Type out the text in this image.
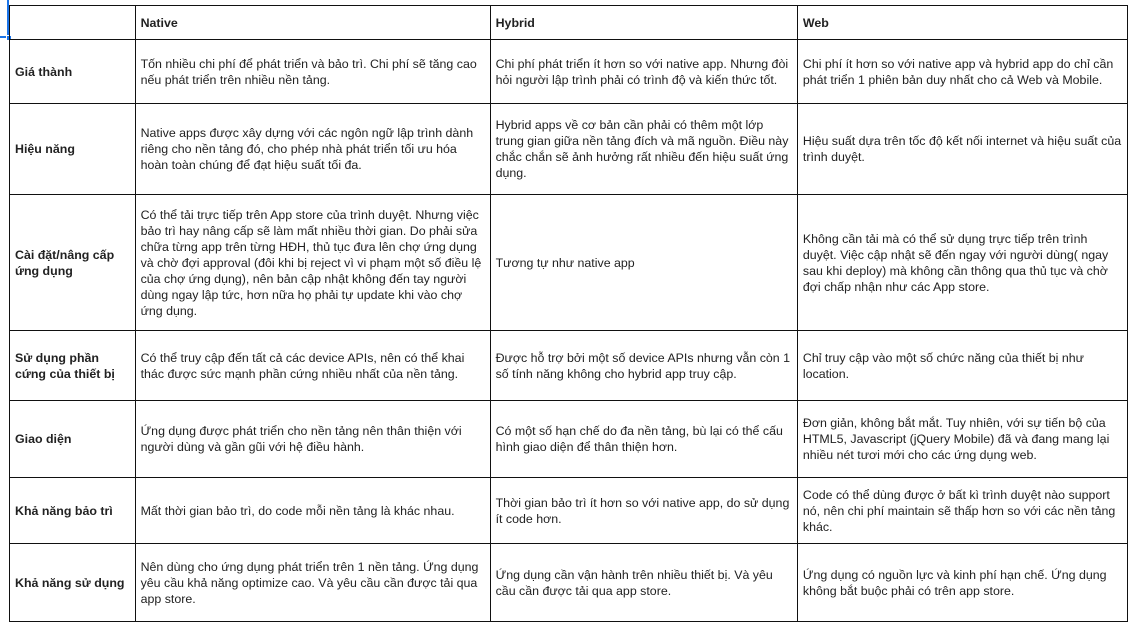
	Native	Hybrid	Web
Giá thành	Tốn nhiều chi phí để phát triển và bảo trì. Chi phí sẽ tăng cao nếu phát triển trên nhiều nền tảng.	Chi phí phát triển ít hơn so với native app. Nhưng đòi hỏi người lập trình phải có trình độ và kiến thức tốt.	Chi phí ít hơn so với native app và hybrid app do chỉ cần phát triển 1 phiên bản duy nhất cho cả Web và Mobile.
Hiệu năng	Native apps được xây dựng với các ngôn ngữ lập trình dành riêng cho nền tảng đó, cho phép nhà phát triển tối ưu hóa hoàn toàn chúng để đạt hiệu suất tối đa.	Hybrid apps về cơ bản cần phải có thêm một lớp trung gian giữa nền tảng đích và mã nguồn. Điều này chắc chắn sẽ ảnh hưởng rất nhiều đến hiệu suất ứng dụng.	Hiệu suất dựa trên tốc độ kết nối internet và hiệu suất của trình duyệt.
Cài đặt/nâng cấp ứng dụng	Có thể tải trực tiếp trên App store của trình duyệt. Nhưng việc bảo trì hay nâng cấp sẽ làm mất nhiều thời gian. Do phải sửa chữa từng app trên từng HĐH, thủ tục đưa lên chợ ứng dụng và chờ đợi approval (đôi khi bị reject vì vi phạm một số điều lệ của chợ ứng dụng), nên bản cập nhật không đến tay người dùng ngay lập tức, hơn nữa họ phải tự update khi vào chợ ứng dụng.	Tương tự như native app	Không cần tải mà có thể sử dụng trực tiếp trên trình duyệt. Việc cập nhật sẽ đến ngay với người dùng( ngay sau khi deploy) mà không cần thông qua thủ tục và chờ đợi chấp nhận như các App store.
Sử dụng phần cứng của thiết bị	Có thể truy cập đến tất cả các device APIs, nên có thể khai thác được sức mạnh phần cứng nhiều nhất của nền tảng.	Được hỗ trợ bởi một số device APIs nhưng vẫn còn 1 số tính năng không cho hybrid app truy cập.	Chỉ truy cập vào một số chức năng của thiết bị như location.
Giao diện	Ứng dụng được phát triển cho nền tảng nên thân thiện với người dùng và gần gũi với hệ điều hành.	Có một số hạn chế do đa nền tảng, bù lại có thể cấu hình giao diện để thân thiện hơn.	Đơn giản, không bắt mắt. Tuy nhiên, với sự tiến bộ của HTML5, Javascript (jQuery Mobile) đã và đang mang lại nhiều nét tươi mới cho các ứng dụng web.
Khả năng bảo trì	Mất thời gian bảo trì, do code mỗi nền tảng là khác nhau.	Thời gian bảo trì ít hơn so với native app, do sử dụng ít code hơn.	Code có thể dùng được ở bất kì trình duyệt nào support nó, nên chi phí maintain sẽ thấp hơn so với các nền tảng khác.
Khả năng sử dụng	Nên dùng cho ứng dụng phát triển trên 1 nền tảng. Ứng dụng yêu cầu khả năng optimize cao. Và yêu cầu cần được tải qua app store.	Ứng dụng cần vận hành trên nhiều thiết bị. Và yêu cầu cần được tải qua app store.	Ứng dụng có nguồn lực và kinh phí hạn chế. Ứng dụng không bắt buộc phải có trên app store.
